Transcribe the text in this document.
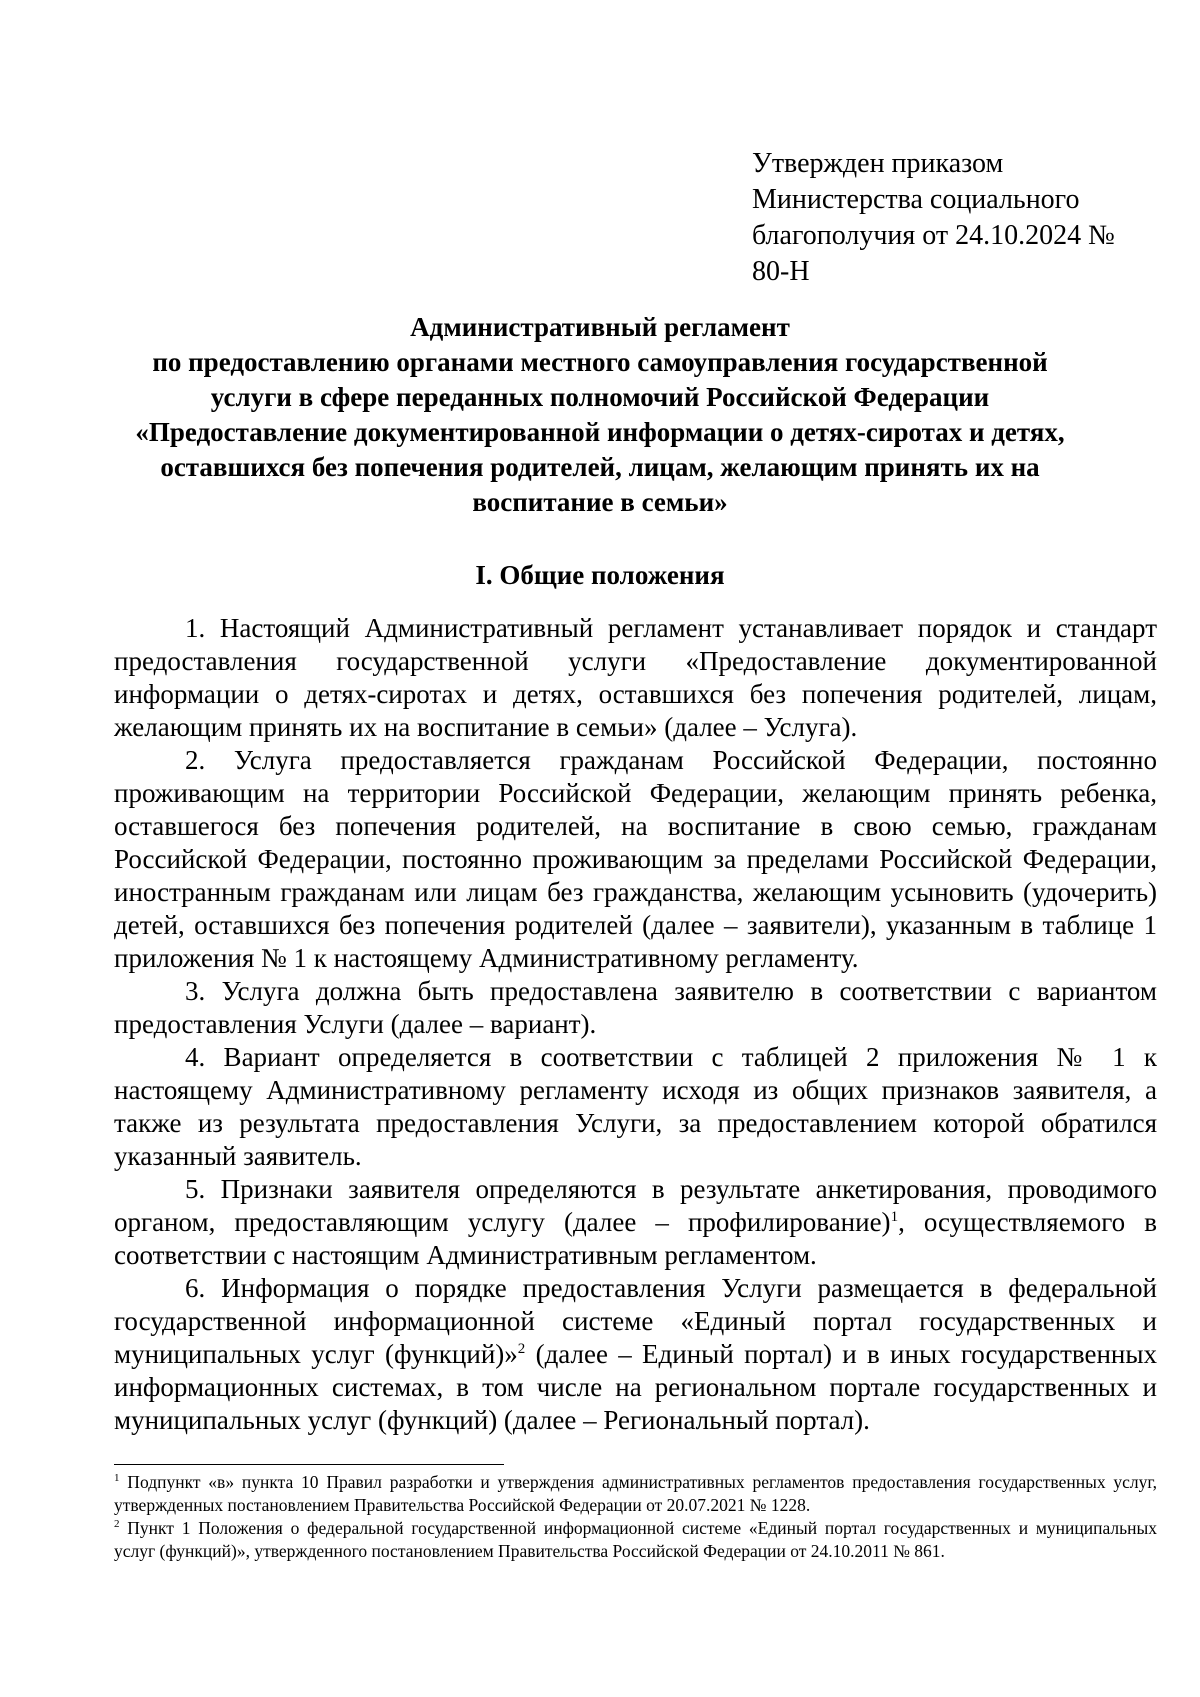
Утвержден приказом
Министерства социального
благополучия от 24.10.2024 №
80-Н
Административный регламент
по предоставлению органами местного самоуправления государственной
услуги в сфере переданных полномочий Российской Федерации
«Предоставление документированной информации о детях-сиротах и детях,
оставшихся без попечения родителей, лицам, желающим принять их на
воспитание в семьи»
I. Общие положения

1. Настоящий Административный регламент устанавливает порядок и стандарт предоставления государственной услуги «Предоставление документированной информации о детях-сиротах и детях, оставшихся без попечения родителей, лицам, желающим принять их на воспитание в семьи» (далее – Услуга).

2. Услуга предоставляется гражданам Российской Федерации, постоянно проживающим на территории Российской Федерации, желающим принять ребенка, оставшегося без попечения родителей, на воспитание в свою семью, гражданам Российской Федерации, постоянно проживающим за пределами Российской Федерации, иностранным гражданам или лицам без гражданства, желающим усыновить (удочерить) детей, оставшихся без попечения родителей (далее – заявители), указанным в таблице 1 приложения № 1 к настоящему Административному регламенту.

3. Услуга должна быть предоставлена заявителю в соответствии с вариантом предоставления Услуги (далее – вариант).

4. Вариант определяется в соответствии с таблицей 2 приложения № 1 к настоящему Административному регламенту исходя из общих признаков заявителя, а также из результата предоставления Услуги, за предоставлением которой обратился указанный заявитель.

5. Признаки заявителя определяются в результате анкетирования, проводимого органом, предоставляющим услугу (далее – профилирование)$^1$, осуществляемого в соответствии с настоящим Административным регламентом.

6. Информация о порядке предоставления Услуги размещается в федеральной государственной информационной системе «Единый портал государственных и муниципальных услуг (функций)»$^2$ (далее – Единый портал) и в иных государственных информационных системах, в том числе на региональном портале государственных и муниципальных услуг (функций) (далее – Региональный портал).

$^1$ Подпункт «в» пункта 10 Правил разработки и утверждения административных регламентов предоставления государственных услуг, утвержденных постановлением Правительства Российской Федерации от 20.07.2021 № 1228.

$^2$ Пункт 1 Положения о федеральной государственной информационной системе «Единый портал государственных и муниципальных услуг (функций)», утвержденного постановлением Правительства Российской Федерации от 24.10.2011 № 861.
